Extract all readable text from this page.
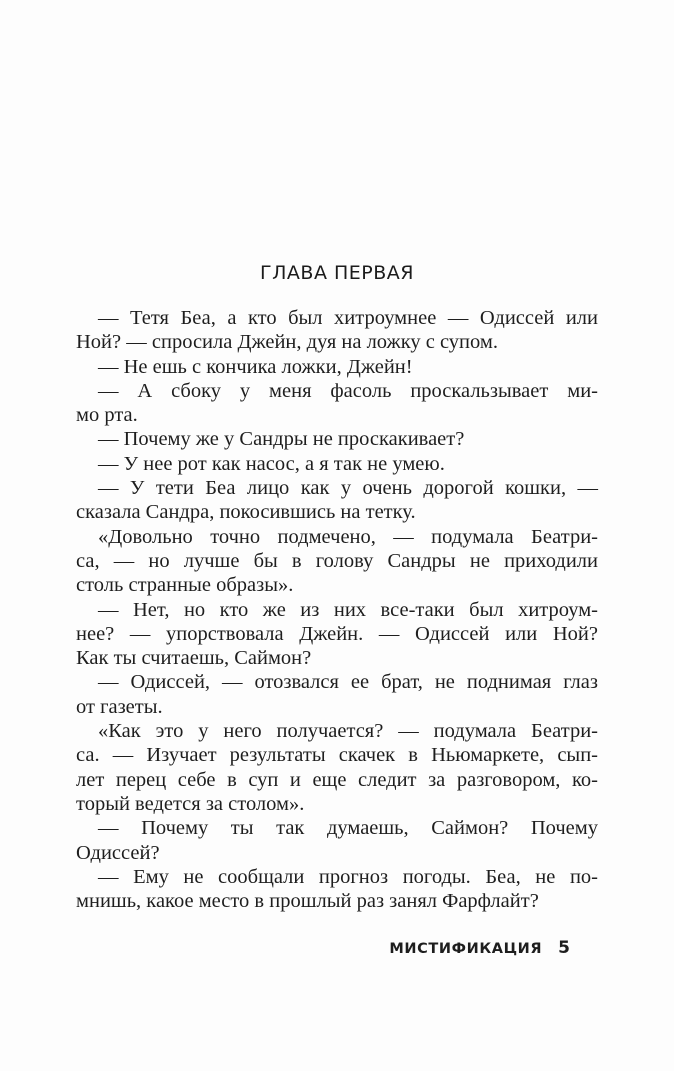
ГЛАВА ПЕРВАЯ
— Тетя Беа, а кто был хитроумнее — Одиссей или
Ной? — спросила Джейн, дуя на ложку с супом.
— Не ешь с кончика ложки, Джейн!
— А сбоку у меня фасоль проскальзывает ми-
мо рта.
— Почему же у Сандры не проскакивает?
— У нее рот как насос, а я так не умею.
— У тети Беа лицо как у очень дорогой кошки, —
сказала Сандра, покосившись на тетку.
«Довольно точно подмечено, — подумала Беатри-
са, — но лучше бы в голову Сандры не приходили
столь странные образы».
— Нет, но кто же из них все-таки был хитроум-
нее? — упорствовала Джейн. — Одиссей или Ной?
Как ты считаешь, Саймон?
— Одиссей, — отозвался ее брат, не поднимая глаз
от газеты.
«Как это у него получается? — подумала Беатри-
са. — Изучает результаты скачек в Ньюмаркете, сып-
лет перец себе в суп и еще следит за разговором, ко-
торый ведется за столом».
— Почему ты так думаешь, Саймон? Почему
Одиссей?
— Ему не сообщали прогноз погоды. Беа, не по-
мнишь, какое место в прошлый раз занял Фарфлайт?
МИСТИФИКАЦИЯ 5
